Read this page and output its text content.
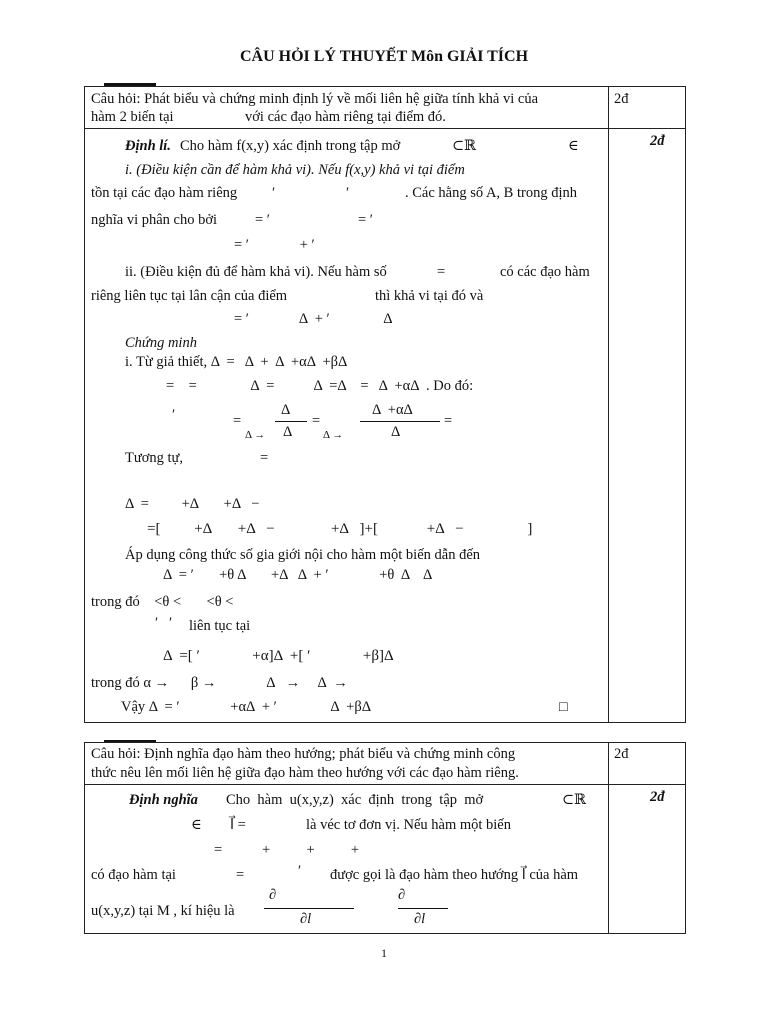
CÂU HỎI LÝ THUYẾT Môn GIẢI TÍCH
Câu hỏi: Phát biểu và chứng minh định lý về mối liên hệ giữa tính khả vi của
hàm 2 biến tại	với các đạo hàm riêng tại điểm đó.
2đ
2đ
Định lí. Cho hàm f(x,y) xác định trong tập mở	⊂ℝ	∈
i. (Điều kiện cần để hàm khả vi). Nếu f(x,y) khả vi tại điểm
tồn tại các đạo hàm riêng ′	′	. Các hằng số A, B trong định
nghĩa vi phân cho bởi	= ′	= ′
= ′              + ′
ii. (Điều kiện đủ để hàm khả vi). Nếu hàm số	=	có các đạo hàm
riêng liên tục tại lân cận của điểm	thì khả vi tại đó và
= ′              Δ  + ′               Δ
Chứng minh
i. Từ giả thiết, Δ  =   Δ  +  Δ  +αΔ  +βΔ
=    =               Δ  =           Δ  =Δ    =   Δ  +αΔ  . Do đó:
′	=
Δ →
Δ
Δ
=
Δ →
Δ  +αΔ
Δ
=
Tương tự,	=
Δ  =         +Δ       +Δ   −
=[         +Δ       +Δ   −               +Δ   ]+[             +Δ   −                 ]
Áp dụng công thức số gia giới nội cho hàm một biến dẫn đến
Δ  = ′       +θ Δ       +Δ   Δ  + ′              +θ  Δ    Δ
trong đó    <θ <       <θ <
′   ′ liên tục tại
Δ  =[ ′              +α]Δ  +[ ′              +β]Δ
trong đó α →      β →              Δ   →     Δ  →
Vậy Δ  = ′              +αΔ  + ′               Δ  +βΔ	□
Câu hỏi: Định nghĩa đạo hàm theo hướng; phát biểu và chứng minh công
thức nêu lên mối liên hệ giữa đạo hàm theo hướng với các đạo hàm riêng.
2đ
2đ
Định nghĩa Cho  hàm  u(x,y,z)  xác  định  trong  tập  mở	⊂ℝ
∈ l⃗ =	là véc tơ đơn vị. Nếu hàm một biến
=           +          +          +
có đạo hàm tại	=	′ được gọi là đạo hàm theo hướng l⃗ của hàm
u(x,y,z) tại M , kí hiệu là
∂
∂l⃗
∂
∂l⃗
1
